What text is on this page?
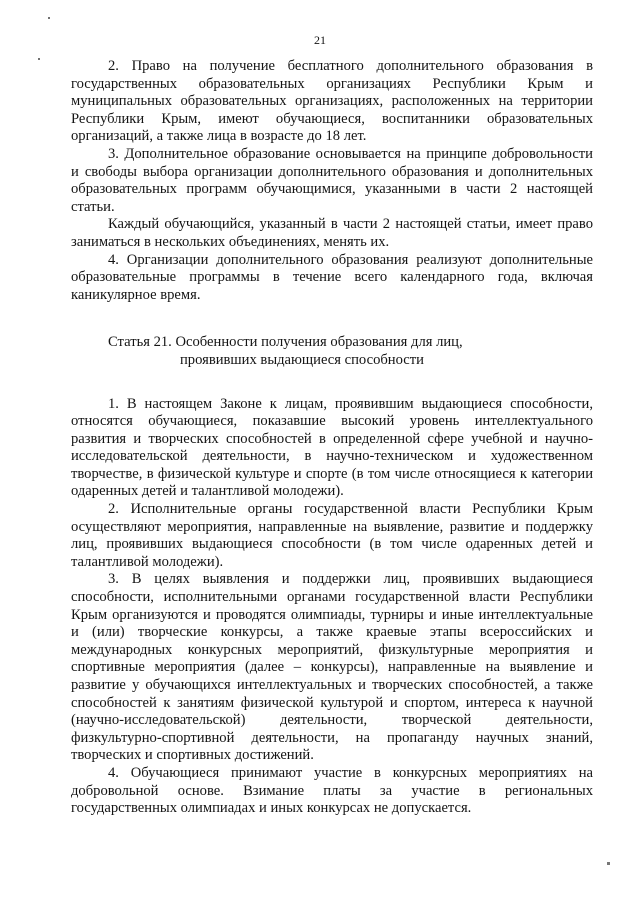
21

2. Право на получение бесплатного дополнительного образования в государственных образовательных организациях Республики Крым и муниципальных образовательных организациях, расположенных на территории Республики Крым, имеют обучающиеся, воспитанники образовательных организаций, а также лица в возрасте до 18 лет.

3. Дополнительное образование основывается на принципе добровольности и свободы выбора организации дополнительного образования и дополнительных образовательных программ обучающимися, указанными в части 2 настоящей статьи.

Каждый обучающийся, указанный в части 2 настоящей статьи, имеет право заниматься в нескольких объединениях, менять их.

4. Организации дополнительного образования реализуют дополнительные образовательные программы в течение всего календарного года, включая каникулярное время.

Статья 21. Особенности получения образования для лиц,
проявивших выдающиеся способности

1. В настоящем Законе к лицам, проявившим выдающиеся способности, относятся обучающиеся, показавшие высокий уровень интеллектуального развития и творческих способностей в определенной сфере учебной и научно-исследовательской деятельности, в научно-техническом и художественном творчестве, в физической культуре и спорте (в том числе относящиеся к категории одаренных детей и талантливой молодежи).

2. Исполнительные органы государственной власти Республики Крым осуществляют мероприятия, направленные на выявление, развитие и поддержку лиц, проявивших выдающиеся способности (в том числе одаренных детей и талантливой молодежи).

3. В целях выявления и поддержки лиц, проявивших выдающиеся способности, исполнительными органами государственной власти Республики Крым организуются и проводятся олимпиады, турниры и иные интеллектуальные и (или) творческие конкурсы, а также краевые этапы всероссийских и международных конкурсных мероприятий, физкультурные мероприятия и спортивные мероприятия (далее – конкурсы), направленные на выявление и развитие у обучающихся интеллектуальных и творческих способностей, а также способностей к занятиям физической культурой и спортом, интереса к научной (научно-исследовательской) деятельности, творческой деятельности, физкультурно-спортивной деятельности, на пропаганду научных знаний, творческих и спортивных достижений.

4. Обучающиеся принимают участие в конкурсных мероприятиях на добровольной основе. Взимание платы за участие в региональных государственных олимпиадах и иных конкурсах не допускается.
